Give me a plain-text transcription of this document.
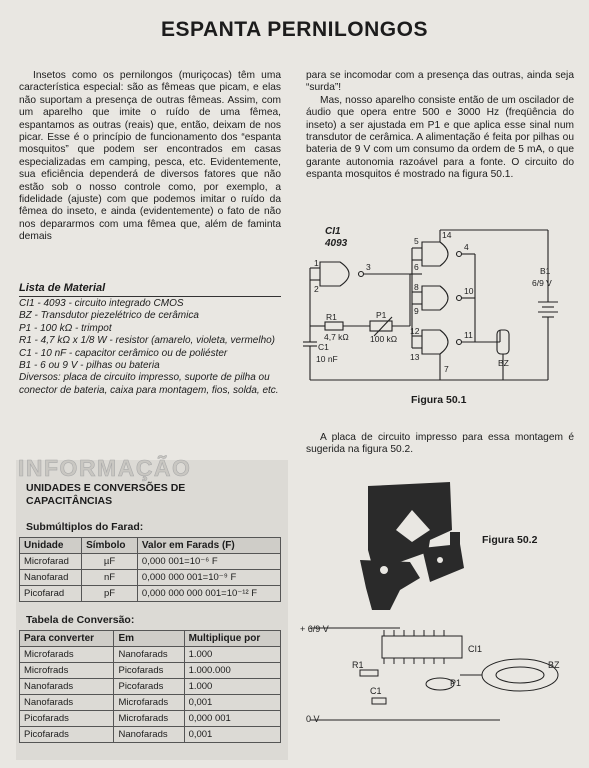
ESPANTA PERNILONGOS

Insetos como os pernilongos (muriçocas) têm uma característica especial: são as fêmeas que picam, e elas não suportam a presença de outras fêmeas. Assim, com um aparelho que imite o ruído de uma fêmea, espantamos as outras (reais) que, então, deixam de nos picar. Esse é o princípio de funcionamento dos “espanta mosquitos” que podem ser encontrados em casas especializadas em camping, pesca, etc. Evidentemente, sua eficiência dependerá de diversos fatores que não estão sob o nosso controle como, por exemplo, a fidelidade (ajuste) com que podemos imitar o ruído da fêmea do inseto, e ainda (evidentemente) o fato de não nos depararmos com uma fêmea que, além de faminta demais

para se incomodar com a presença das outras, ainda seja “surda”!

Mas, nosso aparelho consiste então de um oscilador de áudio que opera entre 500 e 3000 Hz (freqüência do inseto) a ser ajustada em P1 e que aplica esse sinal num transdutor de cerâmica. A alimentação é feita por pilhas ou bateria de 9 V com um consumo da ordem de 5 mA, o que garante autonomia razoável para a fonte. O circuito do espanta mosquitos é mostrado na figura 50.1.

Lista de Material
CI1 - 4093 - circuito integrado CMOS
BZ - Transdutor piezelétrico de cerâmica
P1 - 100 kΩ - trimpot
R1 - 4,7 kΩ x 1/8 W - resistor (amarelo, violeta, vermelho)
C1 - 10 nF - capacitor cerâmico ou de poliéster
B1 - 6 ou 9 V - pilhas ou bateria
Diversos: placa de circuito impresso, suporte de pilha ou conector de bateria, caixa para montagem, fios, solda, etc.
INFORMAÇÃO
UNIDADES E CONVERSÕES DE CAPACITÂNCIAS
Submúltiplos do Farad:
Unidade	Símbolo	Valor em Farads (F)
Microfarad	µF	0,000 001=10⁻⁶ F
Nanofarad	nF	0,000 000 001=10⁻⁹ F
Picofarad	pF	0,000 000 000 001=10⁻¹² F
Tabela de Conversão:
Para converter	Em	Multiplique por
Microfarads	Nanofarads	1.000
Microfrads	Picofarads	1.000.000
Nanofarads	Picofarads	1.000
Nanofarads	Microfarads	0,001
Picofarads	Microfarads	0,000 001
Picofarads	Nanofarads	0,001
CI1
4093
R1
4,7 kΩ
P1
100 kΩ
C1
10 nF
B1
6/9 V
BZ
1
2
3
5
6
4
8
9
10
12
13
11
14
7
Figura 50.1

A placa de circuito impresso para essa montagem é sugerida na figura 50.2.

+ 6/9 V
0 V
CI1
R1
C1
P1
BZ
Figura 50.2
